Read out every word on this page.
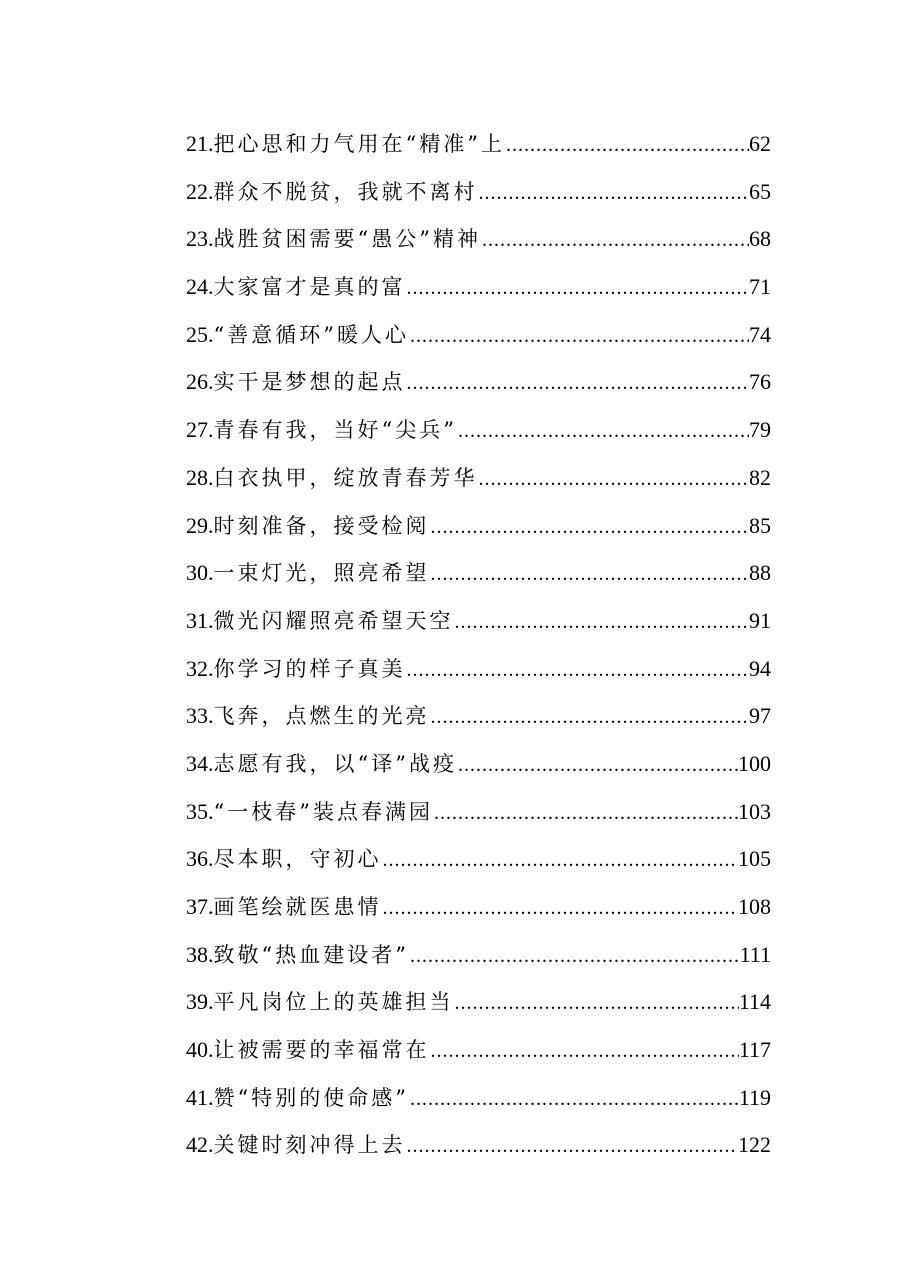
21. 把心思和力气用在“精准”上 .....	62
22. 群众不脱贫，我就不离村 .....	65
23. 战胜贫困需要“愚公”精神 .....	68
24. 大家富才是真的富 .....	71
25. “善意循环”暖人心 .....	74
26. 实干是梦想的起点 .....	76
27. 青春有我，当好“尖兵” .....	79
28. 白衣执甲，绽放青春芳华 .....	82
29. 时刻准备，接受检阅 .....	85
30. 一束灯光，照亮希望 .....	88
31. 微光闪耀照亮希望天空 .....	91
32. 你学习的样子真美 .....	94
33. 飞奔，点燃生的光亮 .....	97
34. 志愿有我，以“译”战疫 .....	100
35. “一枝春”装点春满园 .....	103
36. 尽本职，守初心 .....	105
37. 画笔绘就医患情 .....	108
38. 致敬“热血建设者” .....	111
39. 平凡岗位上的英雄担当 .....	114
40. 让被需要的幸福常在 .....	117
41. 赞“特别的使命感” .....	119
42. 关键时刻冲得上去 .....	122
